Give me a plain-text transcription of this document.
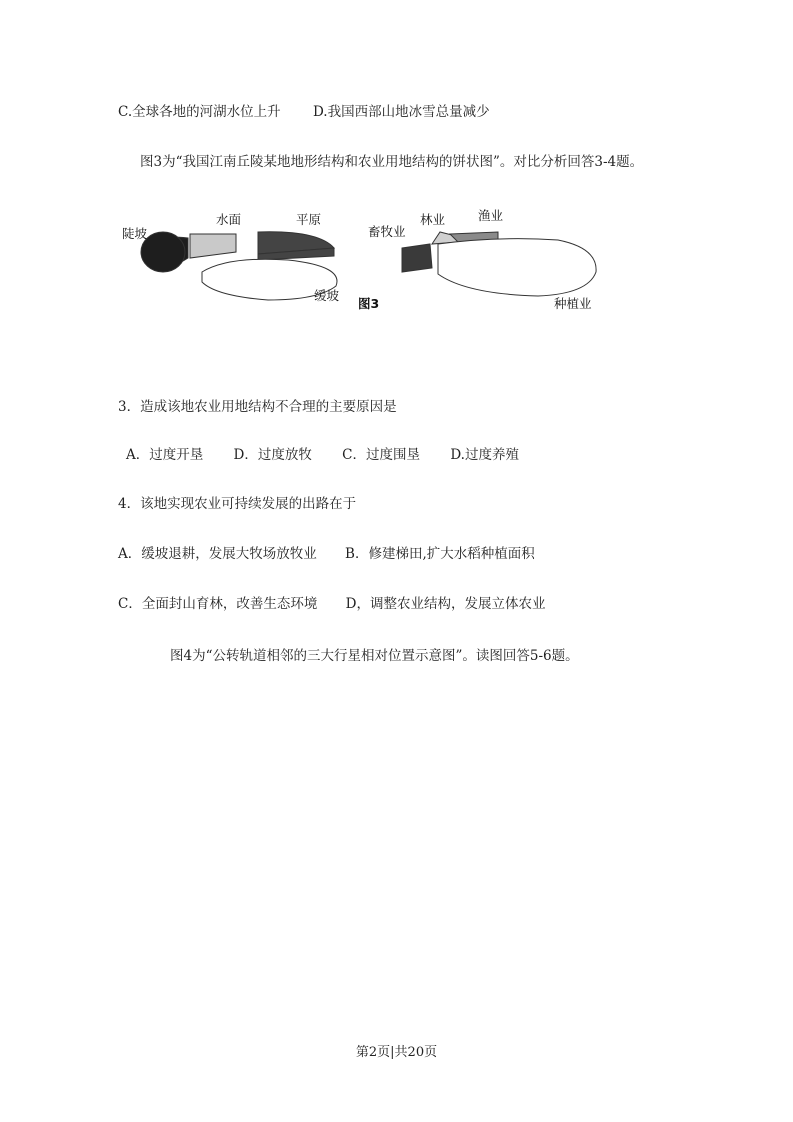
C.全球各地的河湖水位上升 D.我国西部山地冰雪总量减少
图3为“我国江南丘陵某地地形结构和农业用地结构的饼状图”。对比分析回答3-4题。
陡坡
水面	平原
缓坡
畜牧业
林业	渔业
种植业
图3
3．造成该地农业用地结构不合理的主要原因是
A．过度开垦 D．过度放牧 C．过度围垦 D.过度养殖
4．该地实现农业可持续发展的出路在于
A．缓坡退耕，发展大牧场放牧业 B．修建梯田,扩大水稻种植面积
C．全面封山育林，改善生态环境 D，调整农业结构，发展立体农业
图4为“公转轨道相邻的三大行星相对位置示意图”。读图回答5-6题。
第2页|共20页
